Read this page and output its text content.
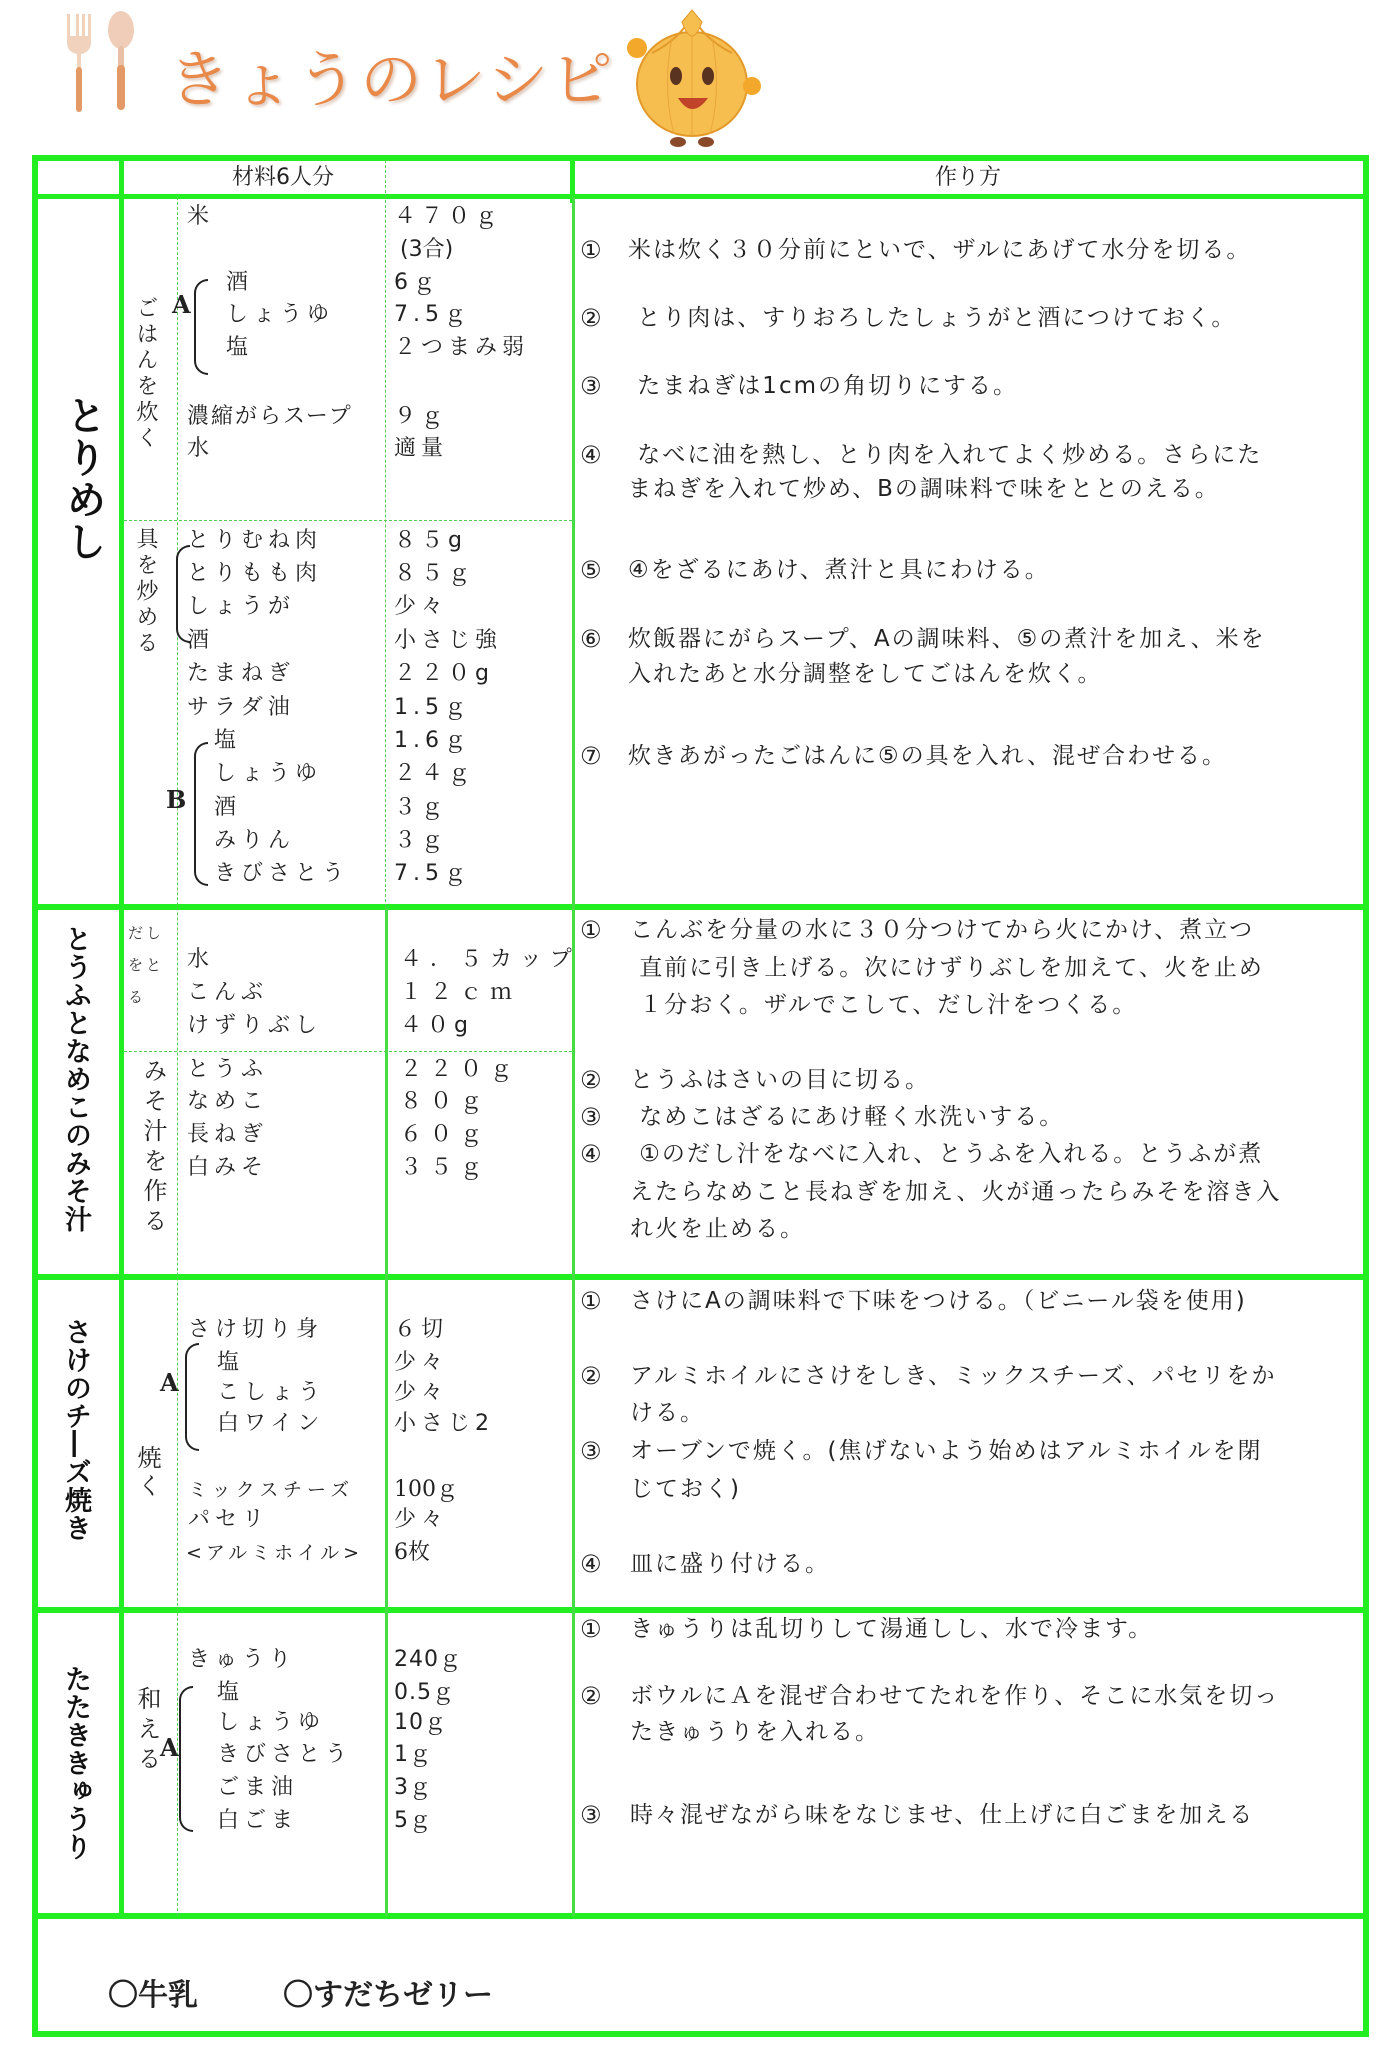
きょうのレシピ
材料6人分	作り方
とりめし
ごはんを炊く
具を炒める
A
B
米	４７０ｇ
(3合)
酒	6ｇ
しょうゆ	7.5ｇ
塩	２つまみ弱
濃縮がらスープ ９ｇ
水	適量
とりむね肉	８５g
とりもも肉	８５ｇ
しょうが	少々
酒	小さじ強
たまねぎ	２２０g
サラダ油	1.5ｇ
塩	1.6ｇ
しょうゆ	２４ｇ
酒	３ｇ
みりん	３ｇ
きびさとう 7.5ｇ
① 米は炊く３０分前にといで、ザルにあげて水分を切る。
② とり肉は、すりおろしたしょうがと酒につけておく。
③ たまねぎは1cmの角切りにする。
④ なべに油を熱し、とり肉を入れてよく炒める。さらにた
まねぎを入れて炒め、Bの調味料で味をととのえる。
⑤ ④をざるにあけ、煮汁と具にわける。
⑥ 炊飯器にがらスープ、Aの調味料、⑤の煮汁を加え、米を
入れたあと水分調整をしてごはんを炊く。
⑦ 炊きあがったごはんに⑤の具を入れ、混ぜ合わせる。
とうふとなめこのみそ汁 だしをとる
みそ汁を作る
水	４．５カップ
こんぶ	１２ｃｍ
けずりぶし	４０g
とうふ	２２０ｇ
なめこ	８０ｇ
長ねぎ	６０ｇ
白みそ	３５ｇ
① こんぶを分量の水に３０分つけてから火にかけ、煮立つ
直前に引き上げる。次にけずりぶしを加えて、火を止め
１分おく。ザルでこして、だし汁をつくる。
② とうふはさいの目に切る。
③ なめこはざるにあけ軽く水洗いする。
④ ①のだし汁をなべに入れ、とうふを入れる。とうふが煮
えたらなめこと長ねぎを加え、火が通ったらみそを溶き入
れ火を止める。
さけのチ―ズ焼き 焼く
A
さけ切り身	６切
塩	少々
こしょう	少々
白ワイン	小さじ2
ミックスチーズ 100ｇ
パセリ	少々
<アルミホイル> 6枚
① さけにAの調味料で下味をつける。（ビニール袋を使用)
② アルミホイルにさけをしき、ミックスチーズ、パセリをか
ける。
③ オーブンで焼く。(焦げないよう始めはアルミホイルを閉
じておく)
④ 皿に盛り付ける。
たたききゅうり 和える A
きゅうり	240ｇ
塩	0.5ｇ
しょうゆ	10ｇ
きびさとう 1ｇ
ごま油	3ｇ
白ごま	5ｇ
① きゅうりは乱切りして湯通しし、水で冷ます。
② ボウルにＡを混ぜ合わせてたれを作り、そこに水気を切っ
たきゅうりを入れる。
③ 時々混ぜながら味をなじませ、仕上げに白ごまを加える
〇牛乳	〇すだちゼリー
